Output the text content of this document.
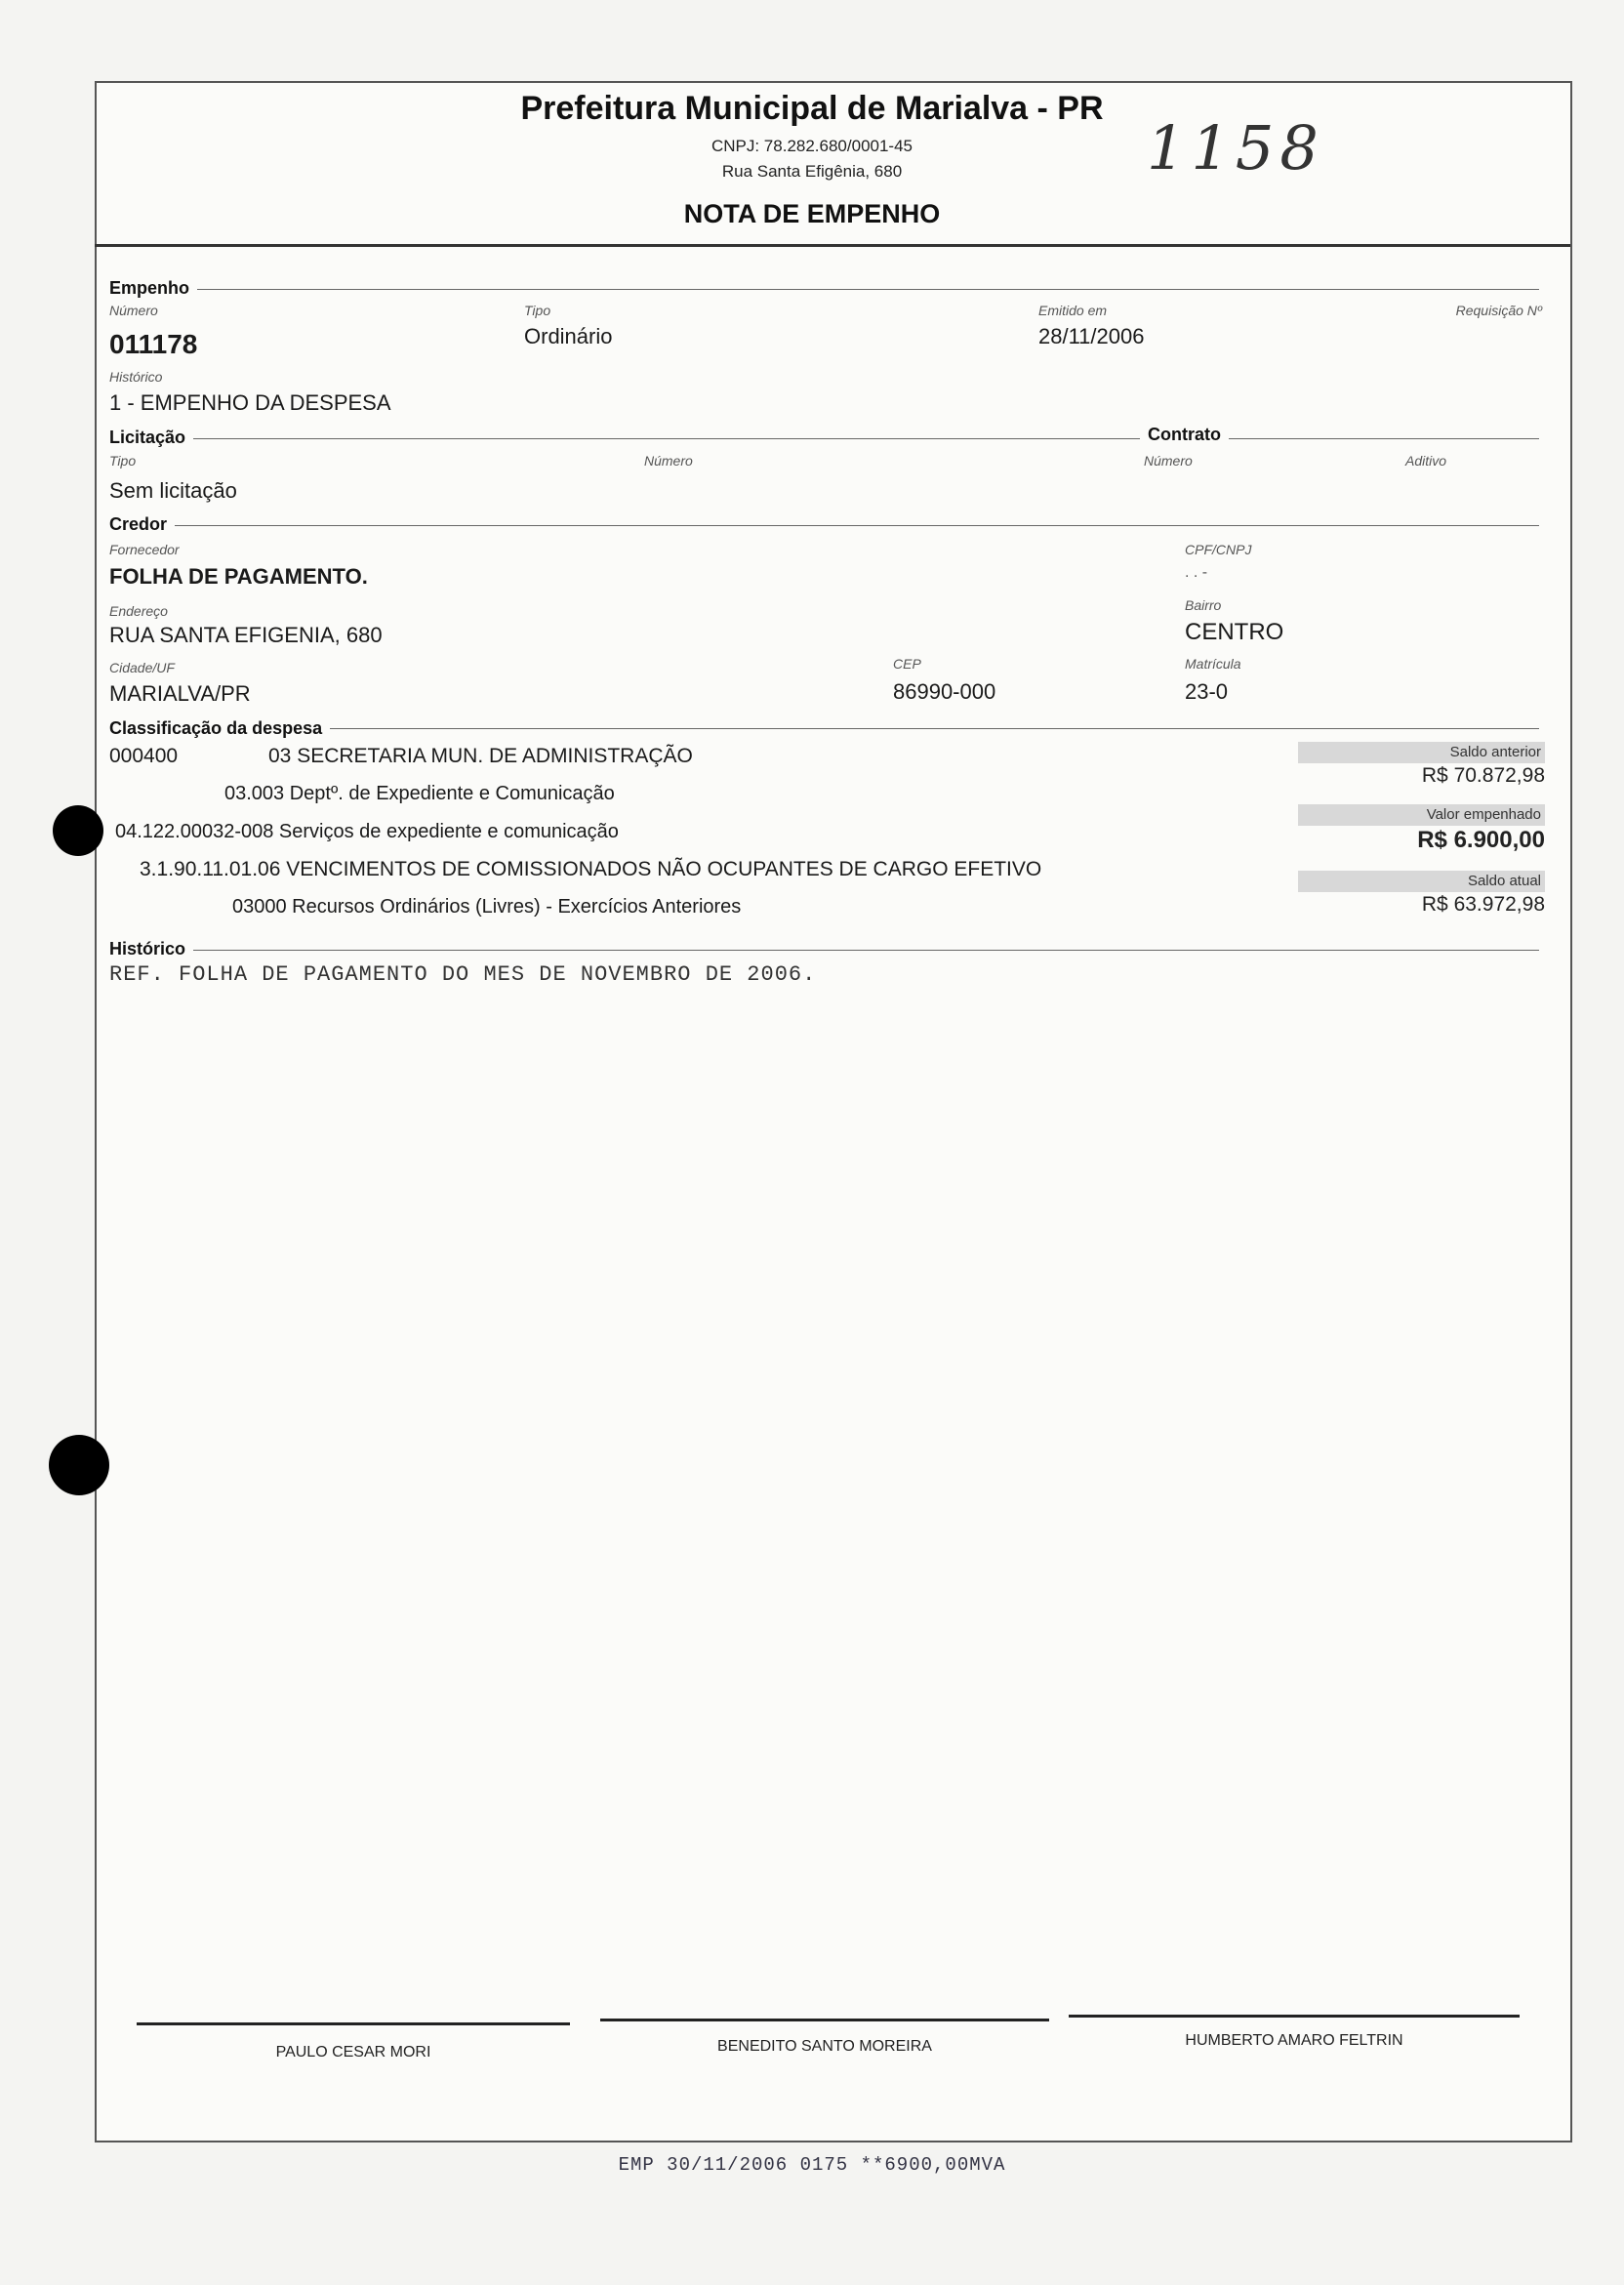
Prefeitura Municipal de Marialva - PR
CNPJ: 78.282.680/0001-45
Rua Santa Efigênia, 680
NOTA DE EMPENHO
1158
Empenho
Número
011178
Tipo
Ordinário
Emitido em
28/11/2006
Requisição Nº
Histórico
1 - EMPENHO DA DESPESA
Licitação	Contrato
Tipo
Sem licitação
Número	Número	Aditivo
Credor
Fornecedor
FOLHA DE PAGAMENTO.
CPF/CNPJ
. . -
Endereço
RUA SANTA EFIGENIA, 680
Bairro
CENTRO
Cidade/UF
MARIALVA/PR
CEP
86990-000
Matrícula
23-0
Classificação da despesa
000400	03 SECRETARIA MUN. DE ADMINISTRAÇÃO
03.003 Deptº. de Expediente e Comunicação
04.122.00032-008 Serviços de expediente e comunicação
3.1.90.11.01.06 VENCIMENTOS DE COMISSIONADOS NÃO OCUPANTES DE CARGO EFETIVO
03000 Recursos Ordinários (Livres) - Exercícios Anteriores
Saldo anterior
R$ 70.872,98
Valor empenhado
R$ 6.900,00
Saldo atual
R$ 63.972,98
Histórico
REF. FOLHA DE PAGAMENTO DO MES DE NOVEMBRO DE 2006.
PAULO CESAR MORI	BENEDITO SANTO MOREIRA	HUMBERTO AMARO FELTRIN
EMP 30/11/2006 0175 **6900,00MVA
